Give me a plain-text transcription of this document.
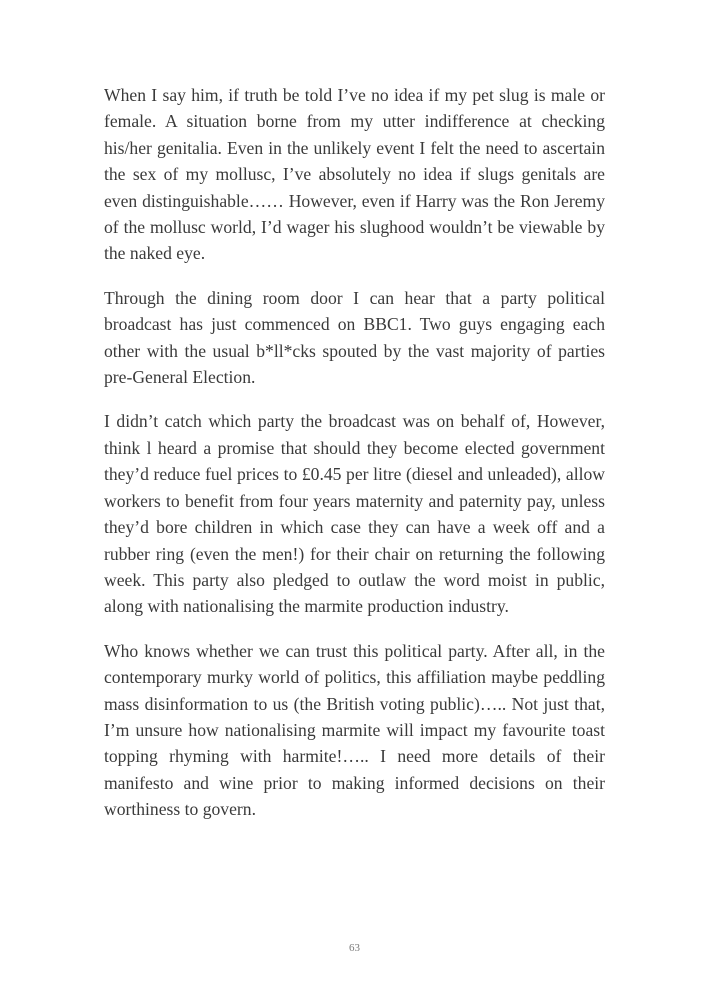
When I say him, if truth be told I’ve no idea if my pet slug is male or female. A situation borne from my utter indifference at checking his/her genitalia. Even in the unlikely event I felt the need to ascertain the sex of my mollusc, I’ve absolutely no idea if slugs genitals are even distinguishable…… However, even if Harry was the Ron Jeremy of the mollusc world, I’d wager his slughood wouldn’t be viewable by the naked eye.

Through the dining room door I can hear that a party political broadcast has just commenced on BBC1. Two guys engaging each other with the usual b*ll*cks spouted by the vast majority of parties pre-General Election.

I didn’t catch which party the broadcast was on behalf of, However, think l heard a promise that should they become elected government they’d reduce fuel prices to £0.45 per litre (diesel and unleaded), allow workers to benefit from four years maternity and paternity pay, unless they’d bore children in which case they can have a week off and a rubber ring (even the men!) for their chair on returning the following week. This party also pledged to outlaw the word moist in public, along with nationalising the marmite production industry.

Who knows whether we can trust this political party. After all, in the contemporary murky world of politics, this affiliation maybe peddling mass disinformation to us (the British voting public)….. Not just that, I’m unsure how nationalising marmite will impact my favourite toast topping rhyming with harmite!….. I need more details of their manifesto and wine prior to making informed decisions on their worthiness to govern.

63
